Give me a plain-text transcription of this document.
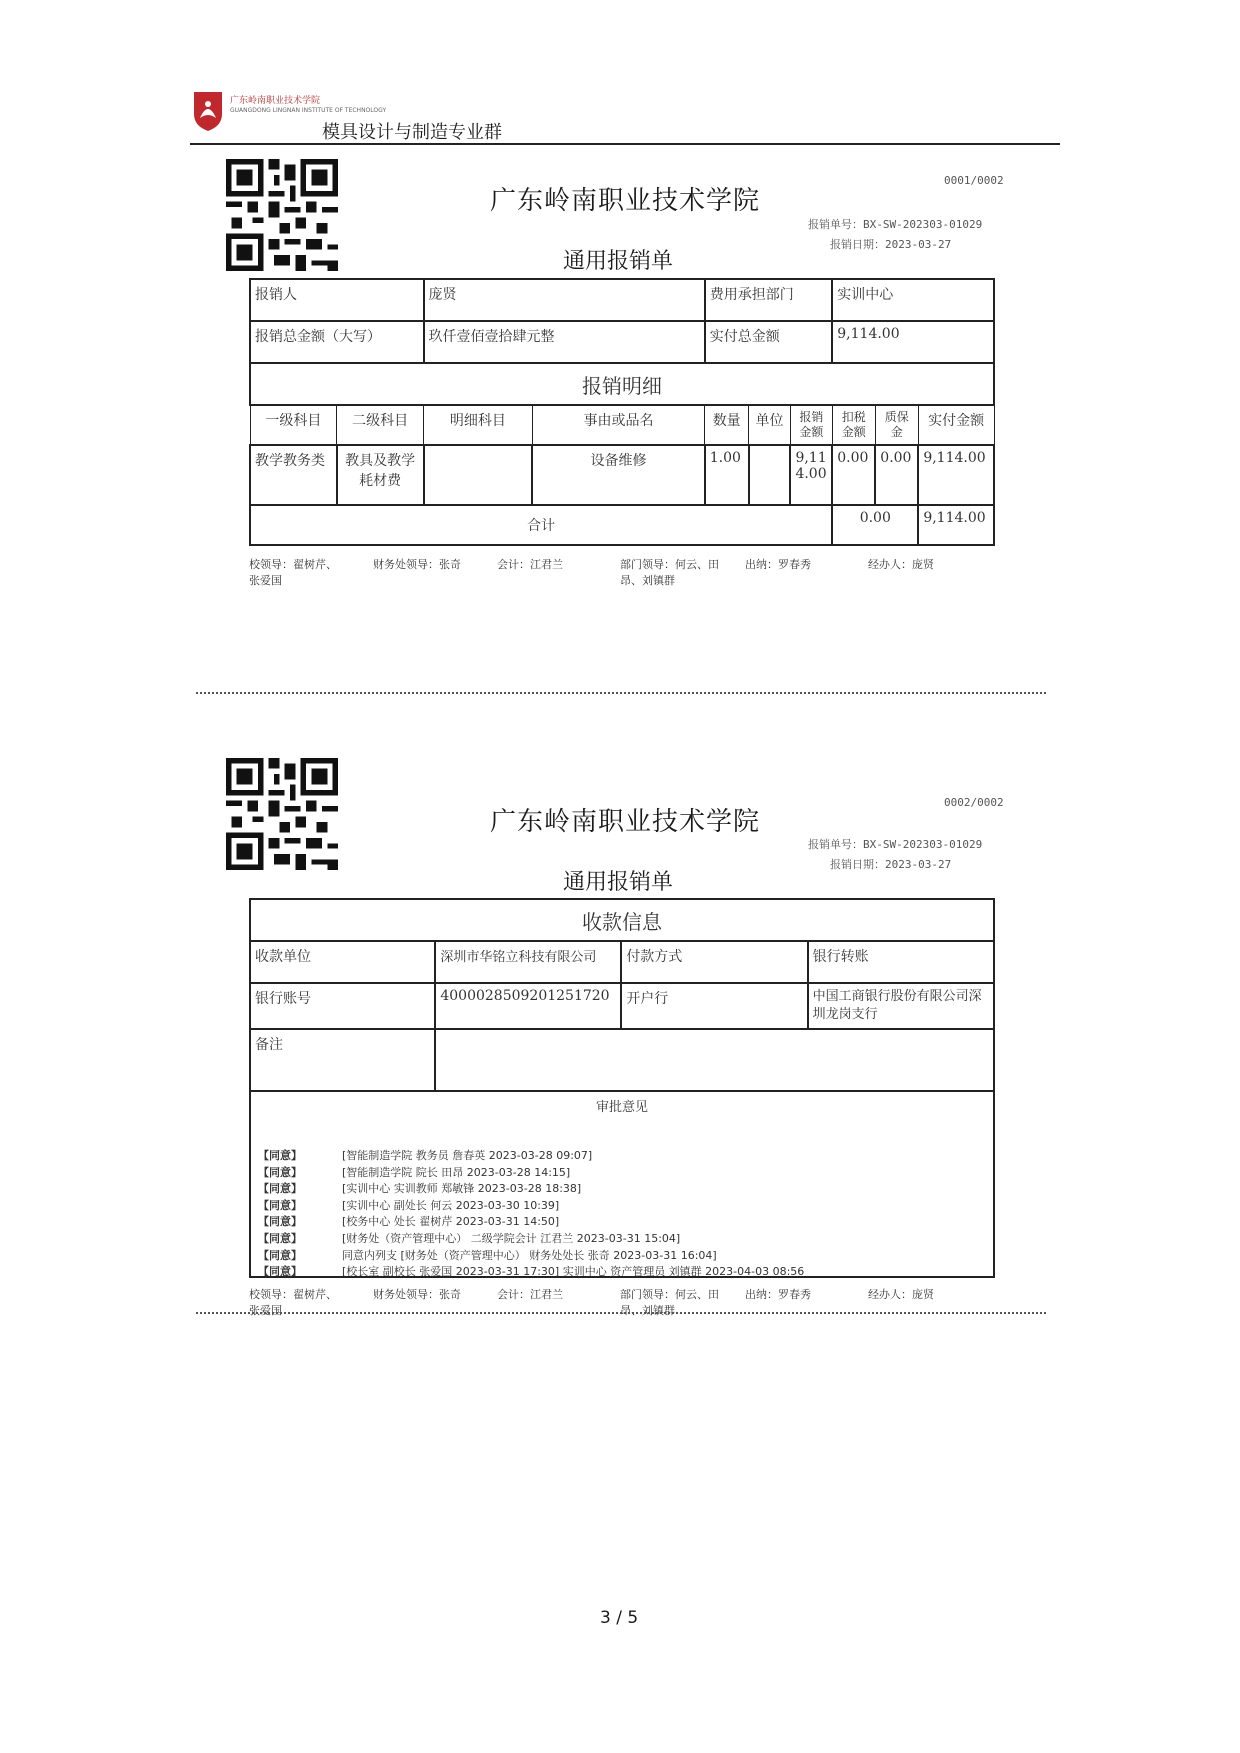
广东岭南职业技术学院
GUANGDONG LINGNAN INSTITUTE OF TECHNOLOGY
模具设计与制造专业群
0001/0002
广东岭南职业技术学院
报销单号：BX-SW-202303-01029
报销日期：2023-03-27
通用报销单
报销人		庞贤		费用承担部门			实训中心		
报销总金额（大写）		玖仟壹佰壹拾肆元整		实付总金额			9,114.00		
报销明细									
一级科目	二级科目	明细科目	事由或品名	数量	单位	报销金额	扣税金额	质保金	实付金额
教学教务类	教具及教学耗材费		设备维修	1.00		9,114.00	0.00	0.00	9,114.00
合计							0.00		9,114.00
校领导：翟树芹、张爱国
财务处领导：张奇	会计：江君兰	部门领导：何云、田昂、刘镇群
出纳：罗春秀	经办人：庞贤
0002/0002
广东岭南职业技术学院
报销单号：BX-SW-202303-01029
报销日期：2023-03-27
通用报销单
收款信息			
收款单位	深圳市华铭立科技有限公司	付款方式	银行转账
银行账号	4000028509201251720	开户行	中国工商银行股份有限公司深圳龙岗支行
备注			
审批意见			
【同意】	[智能制造学院 教务员 詹春英 2023-03-28 09:07]
【同意】	[智能制造学院 院长 田昂 2023-03-28 14:15]
【同意】	[实训中心 实训教师 郑敏锋 2023-03-28 18:38]
【同意】	[实训中心 副处长 何云 2023-03-30 10:39]
【同意】	[校务中心 处长 翟树芹 2023-03-31 14:50]
【同意】	[财务处（资产管理中心） 二级学院会计 江君兰 2023-03-31 15:04]
【同意】	同意内列支 [财务处（资产管理中心） 财务处处长 张奇 2023-03-31 16:04]
【同意】	[校长室 副校长 张爱国 2023-03-31 17:30] 实训中心 资产管理员 刘镇群 2023-04-03 08:56
校领导：翟树芹、张爱国
财务处领导：张奇	会计：江君兰	部门领导：何云、田昂、刘镇群
出纳：罗春秀	经办人：庞贤
3 / 5
